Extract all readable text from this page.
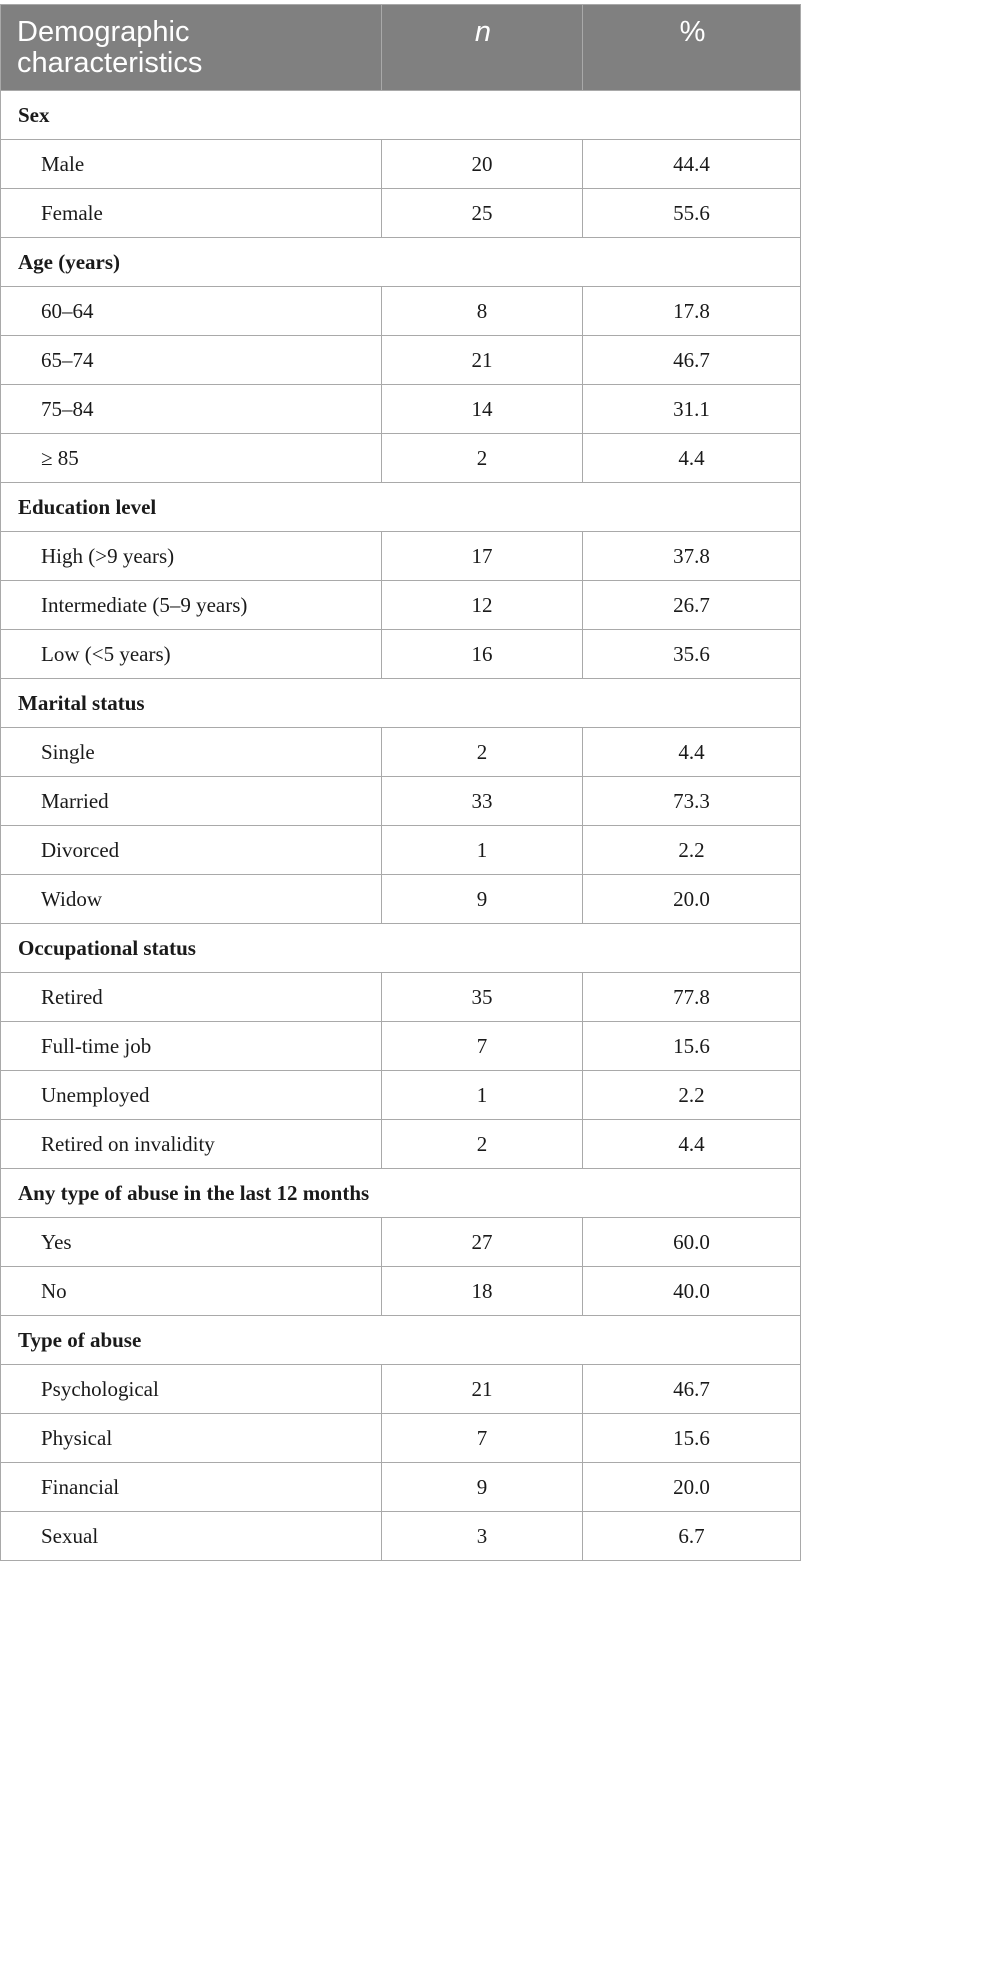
Demographic characteristics	n	%
Sex		
Male	20	44.4
Female	25	55.6
Age (years)		
60–64	8	17.8
65–74	21	46.7
75–84	14	31.1
≥ 85	2	4.4
Education level		
High (>9 years)	17	37.8
Intermediate (5–9 years)	12	26.7
Low (<5 years)	16	35.6
Marital status		
Single	2	4.4
Married	33	73.3
Divorced	1	2.2
Widow	9	20.0
Occupational status		
Retired	35	77.8
Full-time job	7	15.6
Unemployed	1	2.2
Retired on invalidity	2	4.4
Any type of abuse in the last 12 months		
Yes	27	60.0
No	18	40.0
Type of abuse		
Psychological	21	46.7
Physical	7	15.6
Financial	9	20.0
Sexual	3	6.7
